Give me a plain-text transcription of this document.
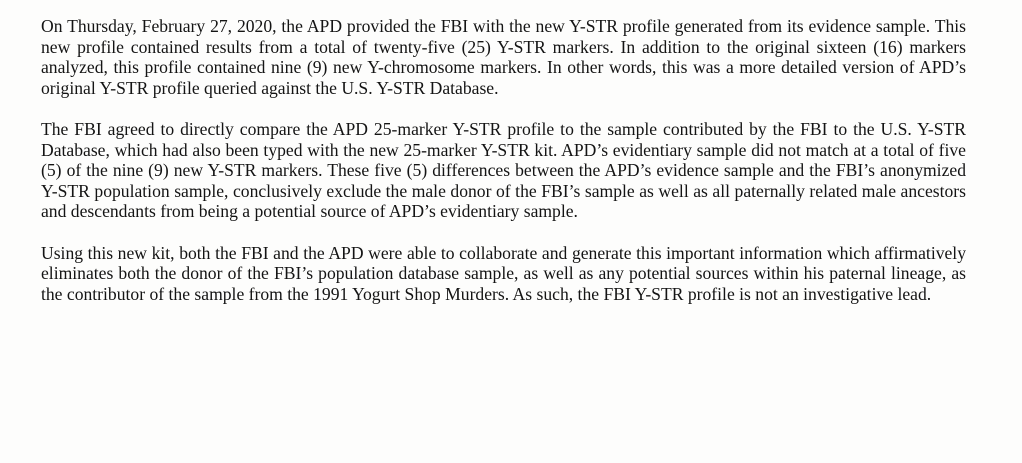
On Thursday, February 27, 2020, the APD provided the FBI with the new Y-STR profile generated from its evidence sample. This new profile contained results from a total of twenty-five (25) Y-STR markers. In addition to the original sixteen (16) markers analyzed, this profile contained nine (9) new Y-chromosome markers. In other words, this was a more detailed version of APD’s original Y-STR profile queried against the U.S. Y-STR Database.

The FBI agreed to directly compare the APD 25-marker Y-STR profile to the sample contributed by the FBI to the U.S. Y-STR Database, which had also been typed with the new 25-marker Y-STR kit. APD’s evidentiary sample did not match at a total of five (5) of the nine (9) new Y-STR markers. These five (5) differences between the APD’s evidence sample and the FBI’s anonymized Y-STR population sample, conclusively exclude the male donor of the FBI’s sample as well as all paternally related male ancestors and descendants from being a potential source of APD’s evidentiary sample.

Using this new kit, both the FBI and the APD were able to collaborate and generate this important information which affirmatively eliminates both the donor of the FBI’s population database sample, as well as any potential sources within his paternal lineage, as the contributor of the sample from the 1991 Yogurt Shop Murders. As such, the FBI Y-STR profile is not an investigative lead.
